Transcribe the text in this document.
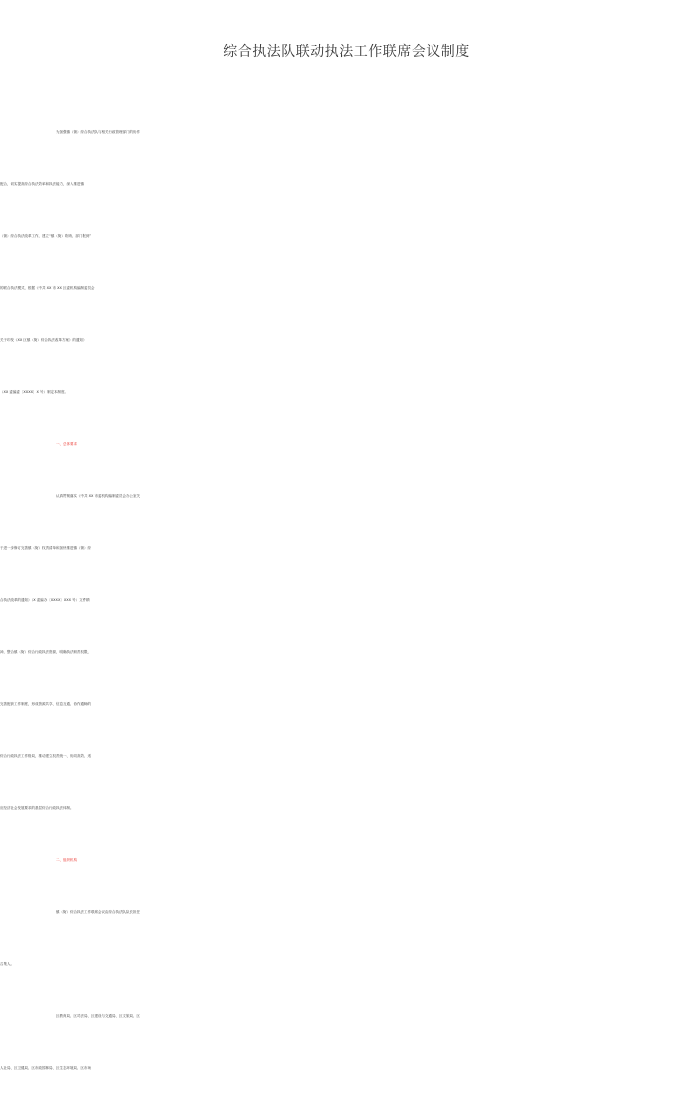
综合执法队联动执法工作联席会议制度
为加强镇（街）综合执法队与相关行政管理部门的协作
配合，切实提高综合执法效率和执法能力，深入推进镇
（街）综合执法改革工作，建立“镇（街）吹哨、部门报到”
的联合执法模式，根据《中共 XX 市 XX 区委机构编制委员会
关于印发《XX 区镇（街）综合执法改革方案》的通知》
（XX 委编委〔XXXX〕X 号）制定本制度。
一、总体要求
认真贯彻落实《中共 XX 市委机构编制委员会办公室关
于进一步修订完善镇（街）权责清单和加快推进镇（街）综
合执法改革的通知》（X 委编办〔XXXX〕XXX 号）文件精
神，整合镇（街）综合行政执法资源，明确执法职责权限，
完善配套工作制度，形成资源共享、信息互通、协作通畅的
综合行政执法工作格局，推动建立权责统一、协同高效、适
应经济社会发展要求的基层综合行政执法体制。
二、组织机构
镇（街）综合执法工作联席会议由综合执法队队长担任
召集人。
区教育局、区司法局、区建设与交通局、区文旅局、区
人社局、区卫健局、区市政园林局、区生态环境局、区市场
